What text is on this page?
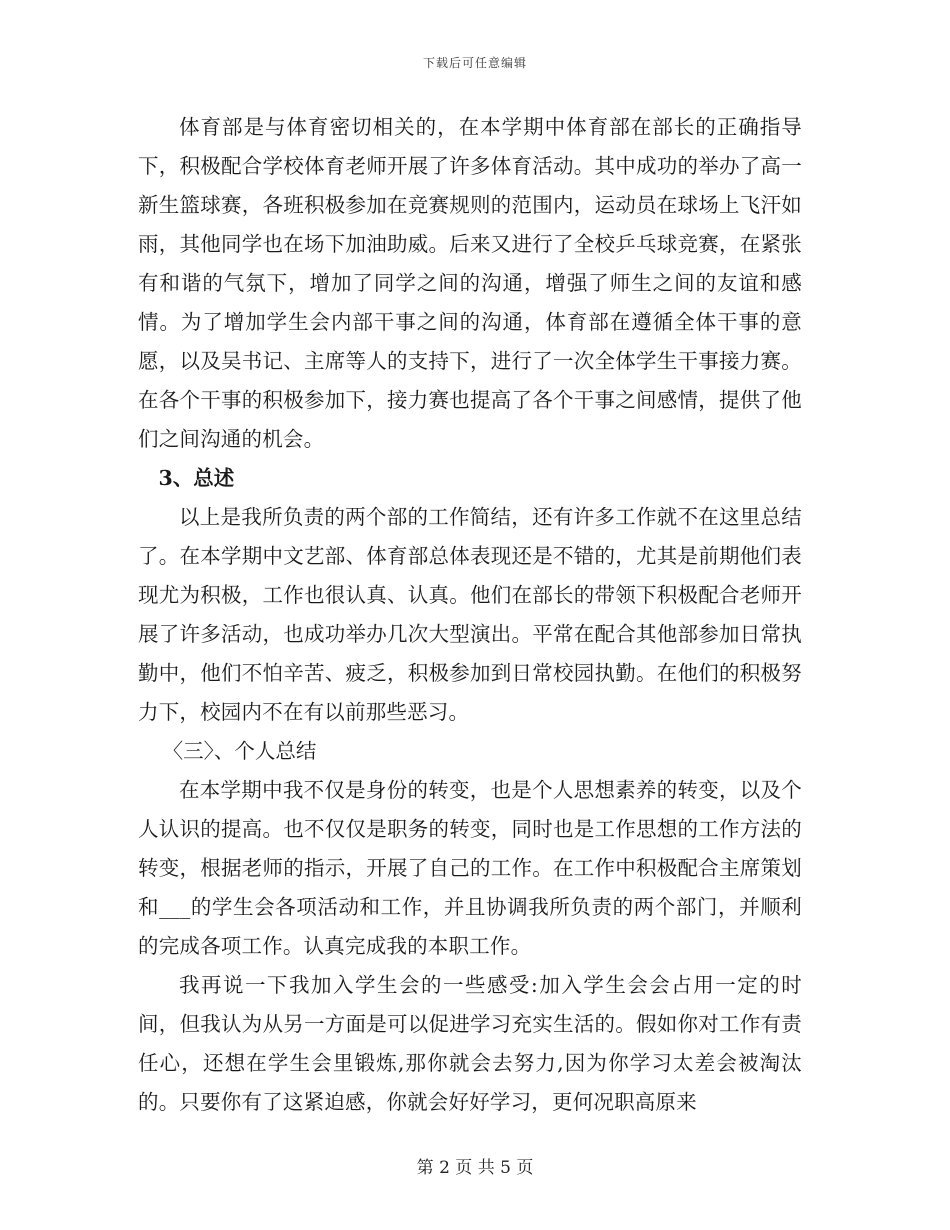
下载后可任意编辑

体育部是与体育密切相关的，在本学期中体育部在部长的正确指导下，积极配合学校体育老师开展了许多体育活动。其中成功的举办了高一新生篮球赛，各班积极参加在竞赛规则的范围内，运动员在球场上飞汗如雨，其他同学也在场下加油助威。后来又进行了全校乒乓球竞赛，在紧张有和谐的气氛下，增加了同学之间的沟通，增强了师生之间的友谊和感情。为了增加学生会内部干事之间的沟通，体育部在遵循全体干事的意愿，以及吴书记、主席等人的支持下，进行了一次全体学生干事接力赛。在各个干事的积极参加下，接力赛也提高了各个干事之间感情，提供了他们之间沟通的机会。

3、总述

以上是我所负责的两个部的工作简结，还有许多工作就不在这里总结了。在本学期中文艺部、体育部总体表现还是不错的，尤其是前期他们表现尤为积极，工作也很认真、认真。他们在部长的带领下积极配合老师开展了许多活动，也成功举办几次大型演出。平常在配合其他部参加日常执勤中，他们不怕辛苦、疲乏，积极参加到日常校园执勤。在他们的积极努力下，校园内不在有以前那些恶习。

〈三〉、个人总结

在本学期中我不仅是身份的转变，也是个人思想素养的转变，以及个人认识的提高。也不仅仅是职务的转变，同时也是工作思想的工作方法的转变，根据老师的指示，开展了自己的工作。在工作中积极配合主席策划和___的学生会各项活动和工作，并且协调我所负责的两个部门，并顺利的完成各项工作。认真完成我的本职工作。

我再说一下我加入学生会的一些感受:加入学生会会占用一定的时间，但我认为从另一方面是可以促进学习充实生活的。假如你对工作有责任心，还想在学生会里锻炼,那你就会去努力,因为你学习太差会被淘汰的。只要你有了这紧迫感，你就会好好学习，更何况职高原来

第 2 页 共 5 页
